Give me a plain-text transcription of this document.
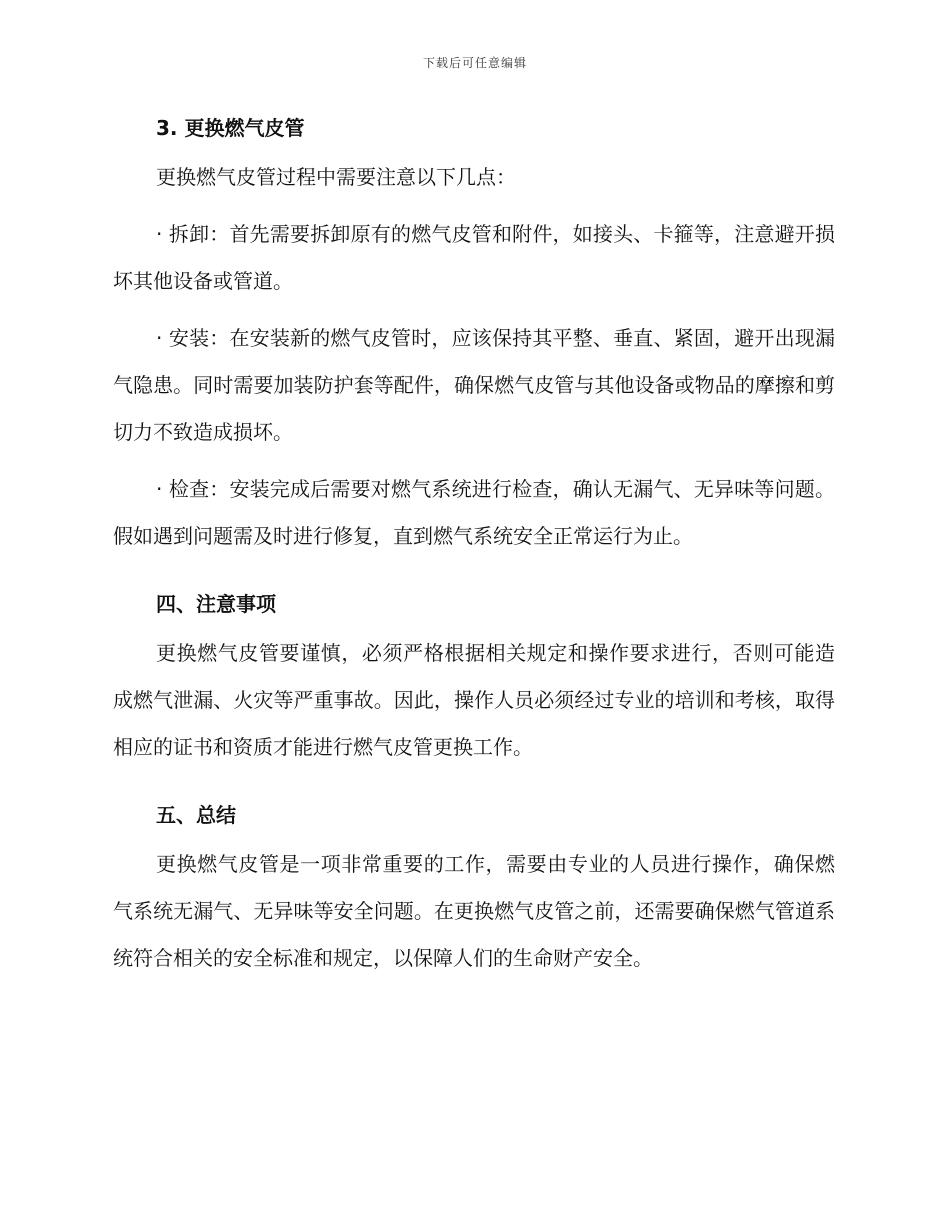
下载后可任意编辑
3. 更换燃气皮管

更换燃气皮管过程中需要注意以下几点：

· 拆卸：首先需要拆卸原有的燃气皮管和附件，如接头、卡箍等，注意避开损坏其他设备或管道。

· 安装：在安装新的燃气皮管时，应该保持其平整、垂直、紧固，避开出现漏气隐患。同时需要加装防护套等配件，确保燃气皮管与其他设备或物品的摩擦和剪切力不致造成损坏。

· 检查：安装完成后需要对燃气系统进行检查，确认无漏气、无异味等问题。假如遇到问题需及时进行修复，直到燃气系统安全正常运行为止。

四、注意事项

更换燃气皮管要谨慎，必须严格根据相关规定和操作要求进行，否则可能造成燃气泄漏、火灾等严重事故。因此，操作人员必须经过专业的培训和考核，取得相应的证书和资质才能进行燃气皮管更换工作。

五、总结

更换燃气皮管是一项非常重要的工作，需要由专业的人员进行操作，确保燃气系统无漏气、无异味等安全问题。在更换燃气皮管之前，还需要确保燃气管道系统符合相关的安全标准和规定，以保障人们的生命财产安全。
